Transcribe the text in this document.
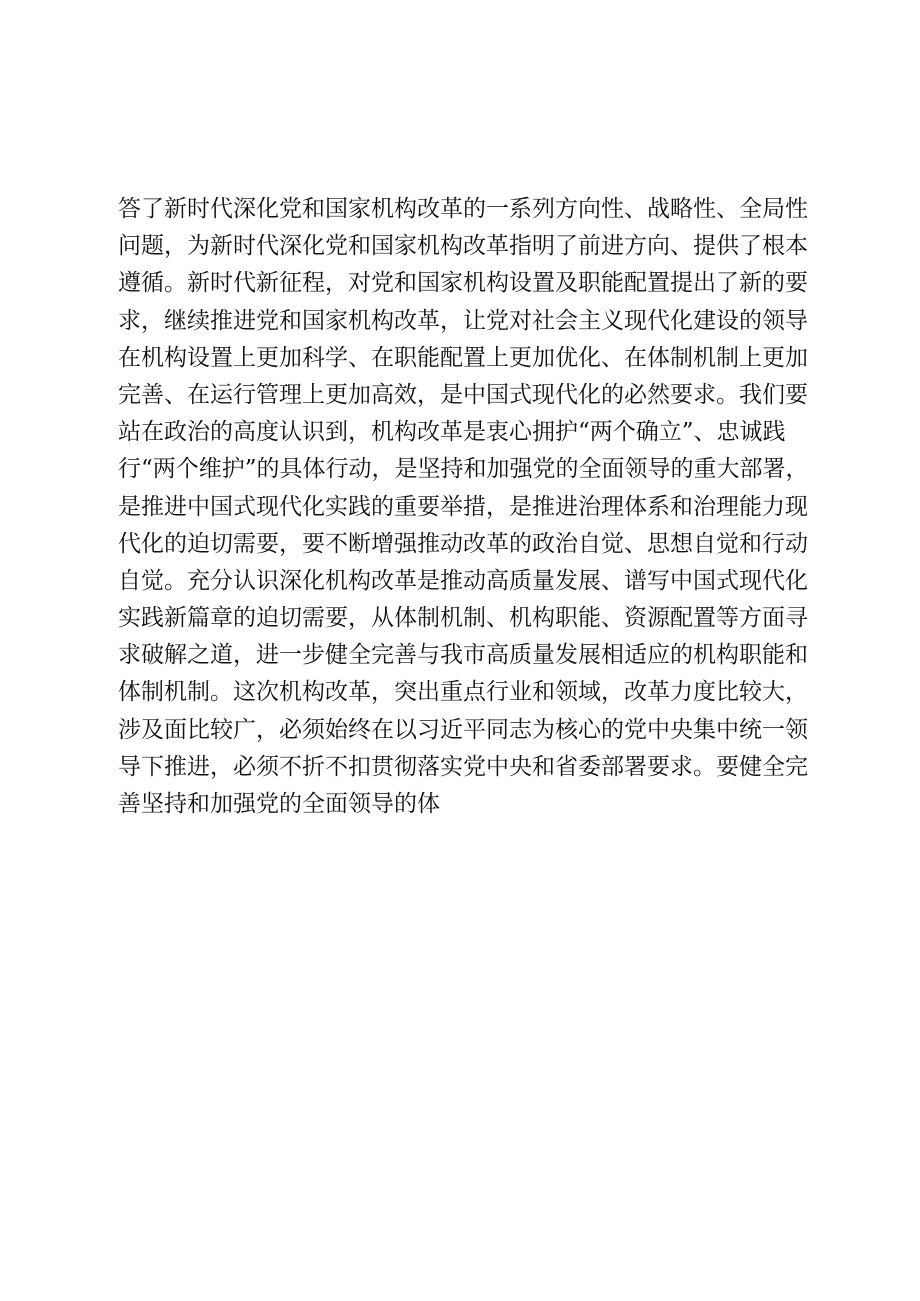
答了新时代深化党和国家机构改革的一系列方向性、战略性、全局性
问题，为新时代深化党和国家机构改革指明了前进方向、提供了根本
遵循。新时代新征程，对党和国家机构设置及职能配置提出了新的要
求，继续推进党和国家机构改革，让党对社会主义现代化建设的领导
在机构设置上更加科学、在职能配置上更加优化、在体制机制上更加
完善、在运行管理上更加高效，是中国式现代化的必然要求。我们要
站在政治的高度认识到，机构改革是衷心拥护“两个确立”、忠诚践
行“两个维护”的具体行动，是坚持和加强党的全面领导的重大部署，
是推进中国式现代化实践的重要举措，是推进治理体系和治理能力现
代化的迫切需要，要不断增强推动改革的政治自觉、思想自觉和行动
自觉。充分认识深化机构改革是推动高质量发展、谱写中国式现代化
实践新篇章的迫切需要，从体制机制、机构职能、资源配置等方面寻
求破解之道，进一步健全完善与我市高质量发展相适应的机构职能和
体制机制。这次机构改革，突出重点行业和领域，改革力度比较大，
涉及面比较广，必须始终在以习近平同志为核心的党中央集中统一领
导下推进，必须不折不扣贯彻落实党中央和省委部署要求。要健全完
善坚持和加强党的全面领导的体
